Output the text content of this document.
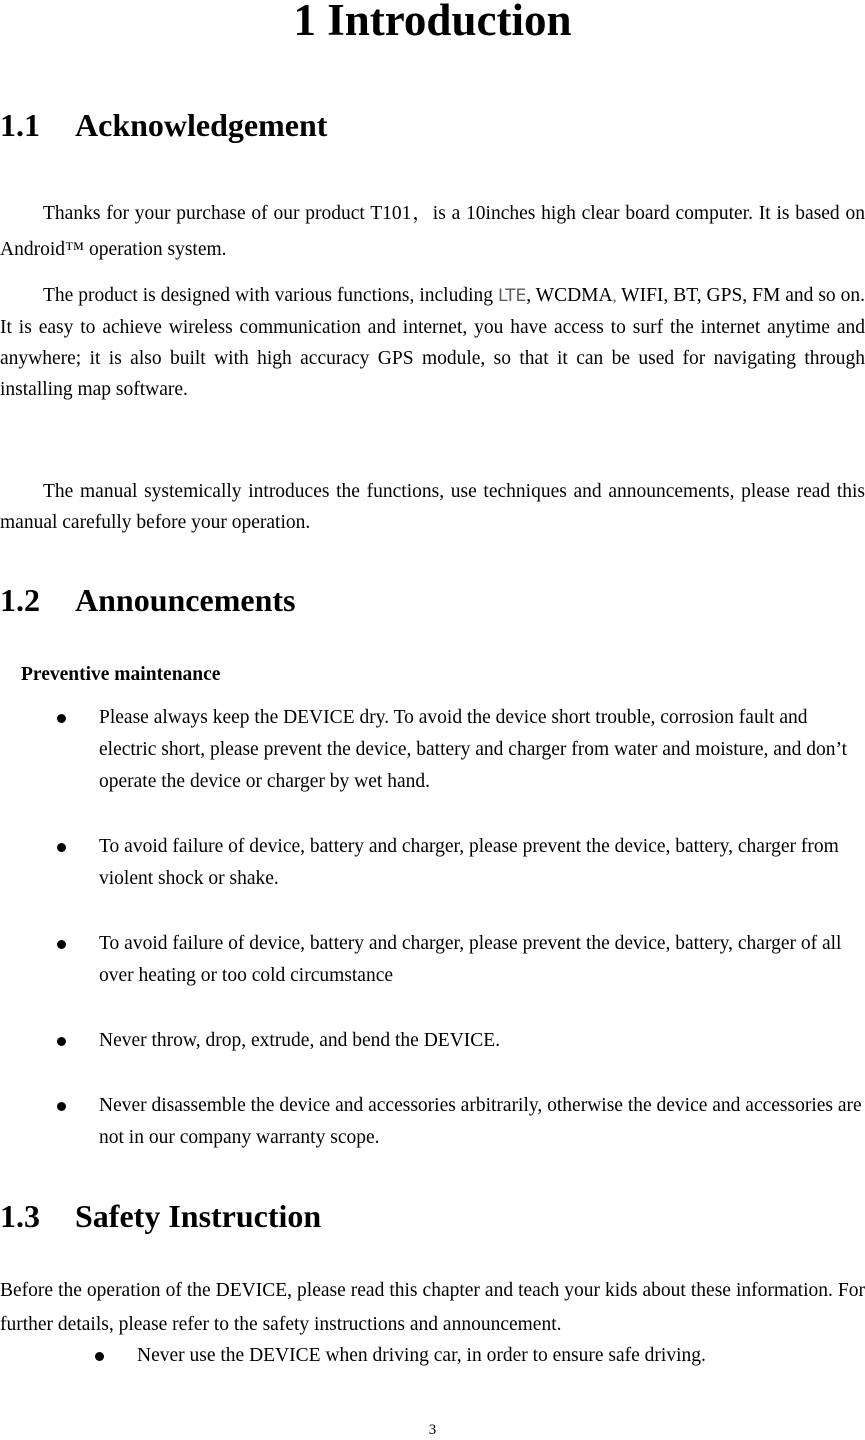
1 Introduction
1.1 Acknowledgement
Thanks for your purchase of our product T101，is a 10inches high clear board computer. It is based on Android™ operation system.
The product is designed with various functions, including LTE, WCDMA, WIFI, BT, GPS, FM and so on. It is easy to achieve wireless communication and internet, you have access to surf the internet anytime and anywhere; it is also built with high accuracy GPS module, so that it can be used for navigating through installing map software.
The manual systemically introduces the functions, use techniques and announcements, please read this manual carefully before your operation.
1.2 Announcements
Preventive maintenance
Please always keep the DEVICE dry. To avoid the device short trouble, corrosion fault and electric short, please prevent the device, battery and charger from water and moisture, and don’t operate the device or charger by wet hand.
To avoid failure of device, battery and charger, please prevent the device, battery, charger from violent shock or shake.
To avoid failure of device, battery and charger, please prevent the device, battery, charger of all over heating or too cold circumstance
Never throw, drop, extrude, and bend the DEVICE.
Never disassemble the device and accessories arbitrarily, otherwise the device and accessories are not in our company warranty scope.
1.3 Safety Instruction
Before the operation of the DEVICE, please read this chapter and teach your kids about these information. For further details, please refer to the safety instructions and announcement.
Never use the DEVICE when driving car, in order to ensure safe driving.
3
